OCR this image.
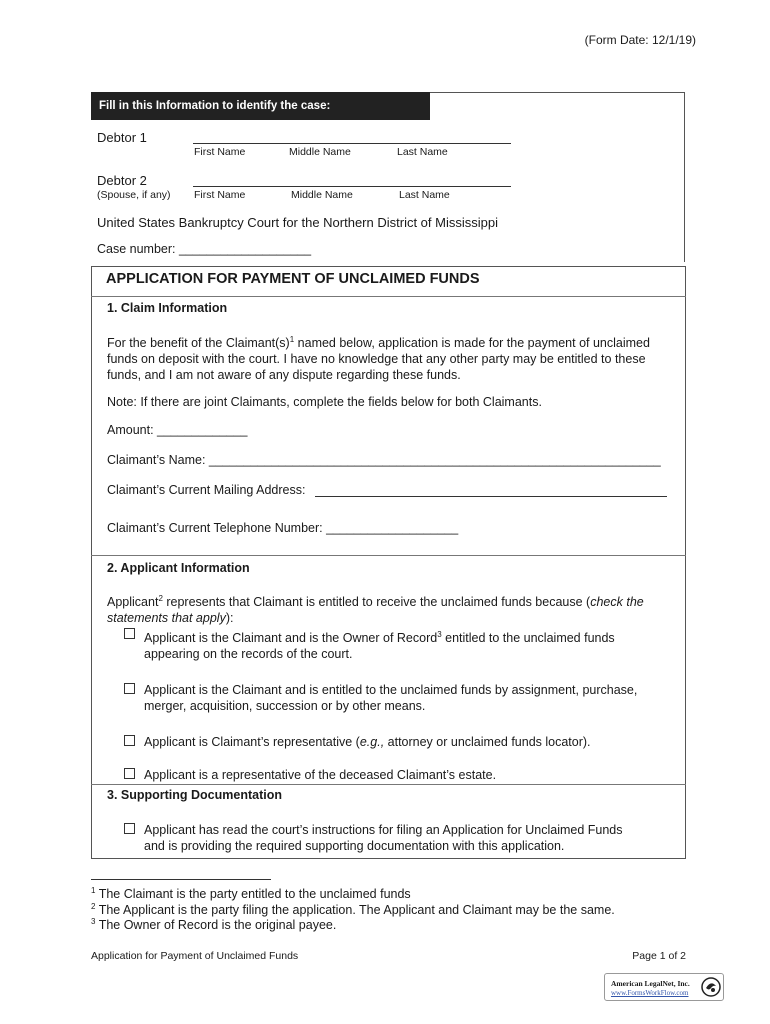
(Form Date: 12/1/19)
Fill in this Information to identify the case:
Debtor 1
First Name	Middle Name	Last Name
Debtor 2
(Spouse, if any) First Name	Middle Name	Last Name
United States Bankruptcy Court for the Northern District of Mississippi
Case number: ___________________
APPLICATION FOR PAYMENT OF UNCLAIMED FUNDS
1. Claim Information
For the benefit of the $Claimant(s)^1$ named below, application is made for the payment of unclaimed
funds on deposit with the court. I have no knowledge that any other party may be entitled to these
funds, and I am not aware of any dispute regarding these funds.
Note: If there are joint Claimants, complete the fields below for both Claimants.
Amount: _____________
Claimant’s Name: _________________________________________________________________
Claimant’s Current Mailing Address:
Claimant’s Current Telephone Number: ___________________
2. Applicant Information
Applicant$^2$ represents that Claimant is entitled to receive the unclaimed funds because (check the
statements that apply):
Applicant is the Claimant and is the Owner of Record$^3$ entitled to the unclaimed funds
appearing on the records of the court.
Applicant is the Claimant and is entitled to the unclaimed funds by assignment, purchase,
merger, acquisition, succession or by other means.
Applicant is Claimant’s representative (e.g., attorney or unclaimed funds locator).
Applicant is a representative of the deceased Claimant’s estate.
3. Supporting Documentation
Applicant has read the court’s instructions for filing an Application for Unclaimed Funds
and is providing the required supporting documentation with this application.
$^1$ The Claimant is the party entitled to the unclaimed funds
$^2$ The Applicant is the party filing the application. The Applicant and Claimant may be the same.
$^3$ The Owner of Record is the original payee.
Application for Payment of Unclaimed Funds	Page 1 of 2
American LegalNet, Inc.
www.FormsWorkFlow.com
